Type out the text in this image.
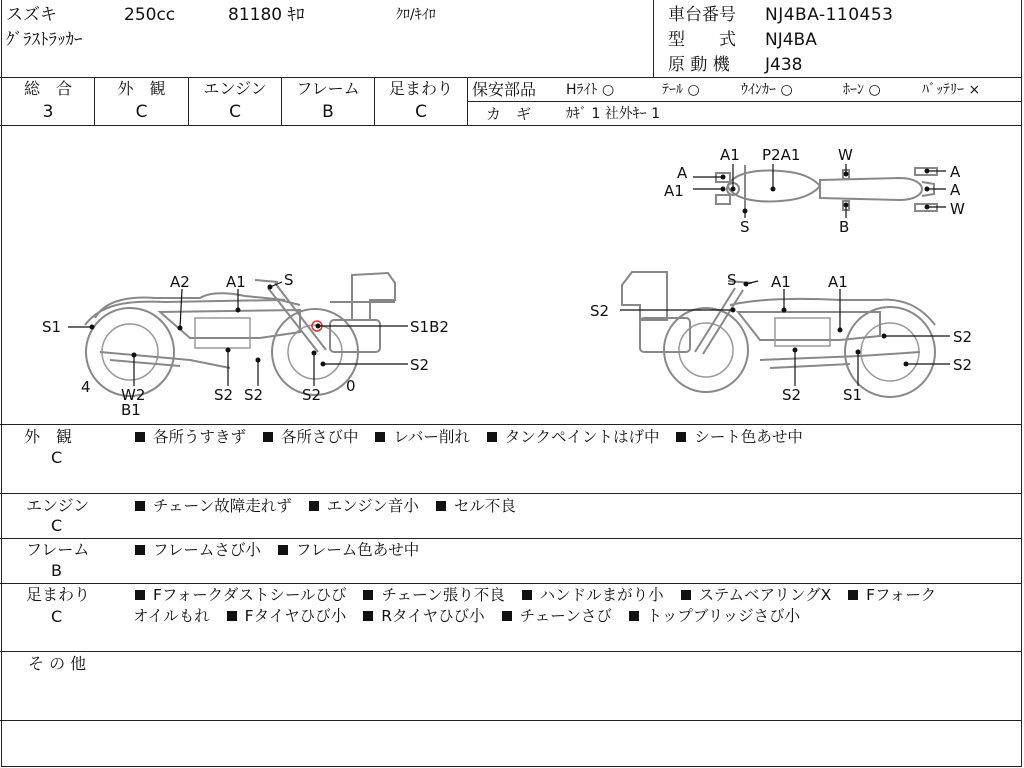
スズキ	250cc	81180 ｷﾛ	ｸﾛ/ｷｲﾛ
ｸﾞﾗｽﾄﾗｯｶｰ
車台番号 NJ4BA-110453
型　　式 NJ4BA
原 動 機 J438
総　合
3
外　観
C
エンジン
C
フレーム
B
足まわり
C
保安部品 Hﾗｲﾄ ○	ﾃｰﾙ ○	ｳｲﾝｶｰ ○	ﾎｰﾝ ○	ﾊﾞｯﾃﾘｰ ×
カ　ギ ｶｷﾞ 1 社外ｷｰ 1
A1 P2A1	W
A
A1
S	B
A
A
W
A2 A1	S
S1	S1B2
S2
4 W2
B1
S2 S2	S2 0
S A1 A1
S2
S2
S2
S2	S1
外　観
C
各所うすきず 各所さび中 レバー削れ タンクペイントはげ中 シート色あせ中
エンジン
C
チェーン故障走れず エンジン音小 セル不良
フレーム
B
フレームさび小 フレーム色あせ中
足まわり
C
Fフォークダストシールひび チェーン張り不良 ハンドルまがり小 ステムベアリングX Fフォーク
オイルもれ Fタイヤひび小 Rタイヤひび小 チェーンさび トップブリッジさび小
そ の 他
